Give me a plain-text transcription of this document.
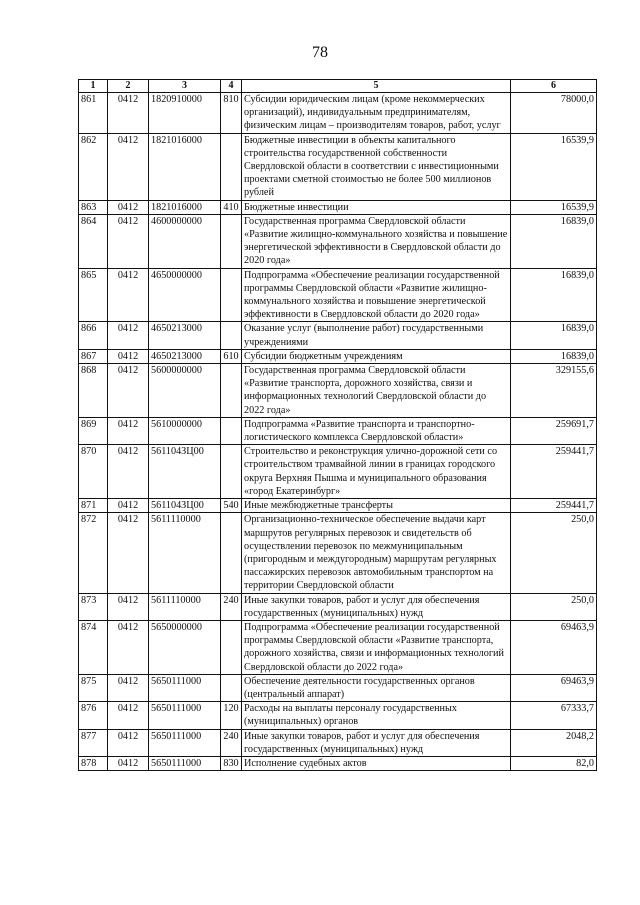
78
1	2	3	4	5	6
861	0412	1820910000	810	Субсидии юридическим лицам (кроме некоммерческих организаций), индивидуальным предпринимателям, физическим лицам – производителям товаров, работ, услуг	78000,0
862	0412	1821016000		Бюджетные инвестиции в объекты капитального строительства государственной собственности Свердловской области в соответствии с инвестиционными проектами сметной стоимостью не более 500 миллионов рублей	16539,9
863	0412	1821016000	410	Бюджетные инвестиции	16539,9
864	0412	4600000000		Государственная программа Свердловской области «Развитие жилищно-коммунального хозяйства и повышение энергетической эффективности в Свердловской области до 2020 года»	16839,0
865	0412	4650000000		Подпрограмма «Обеспечение реализации государственной программы Свердловской области «Развитие жилищно-коммунального хозяйства и повышение энергетической эффективности в Свердловской области до 2020 года»	16839,0
866	0412	4650213000		Оказание услуг (выполнение работ) государственными учреждениями	16839,0
867	0412	4650213000	610	Субсидии бюджетным учреждениям	16839,0
868	0412	5600000000		Государственная программа Свердловской области «Развитие транспорта, дорожного хозяйства, связи и информационных технологий Свердловской области до 2022 года»	329155,6
869	0412	5610000000		Подпрограмма «Развитие транспорта и транспортно-логистического комплекса Свердловской области»	259691,7
870	0412	561104ЗЦ00		Строительство и реконструкция улично-дорожной сети со строительством трамвайной линии в границах городского округа Верхняя Пышма и муниципального образования «город Екатеринбург»	259441,7
871	0412	561104ЗЦ00	540	Иные межбюджетные трансферты	259441,7
872	0412	5611110000		Организационно-техническое обеспечение выдачи карт маршрутов регулярных перевозок и свидетельств об осуществлении перевозок по межмуниципальным (пригородным и междугородным) маршрутам регулярных пассажирских перевозок автомобильным транспортом на территории Свердловской области	250,0
873	0412	5611110000	240	Иные закупки товаров, работ и услуг для обеспечения государственных (муниципальных) нужд	250,0
874	0412	5650000000		Подпрограмма «Обеспечение реализации государственной программы Свердловской области «Развитие транспорта, дорожного хозяйства, связи и информационных технологий Свердловской области до 2022 года»	69463,9
875	0412	5650111000		Обеспечение деятельности государственных органов (центральный аппарат)	69463,9
876	0412	5650111000	120	Расходы на выплаты персоналу государственных (муниципальных) органов	67333,7
877	0412	5650111000	240	Иные закупки товаров, работ и услуг для обеспечения государственных (муниципальных) нужд	2048,2
878	0412	5650111000	830	Исполнение судебных актов	82,0
